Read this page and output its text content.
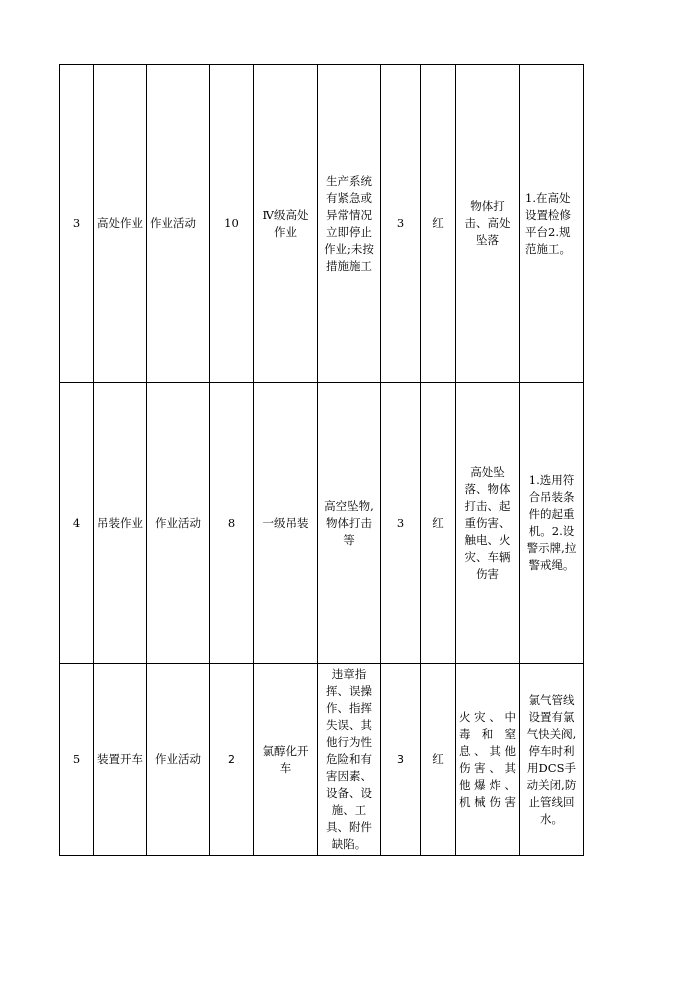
3	高处作业	作业活动	10	Ⅳ级高处作业	生产系统有紧急或异常情况立即停止作业;未按措施施工	3	红	物体打击、高处坠落	1.在高处设置检修平台2.规范施工。
4	吊装作业	作业活动	8	一级吊装	高空坠物,物体打击等	3	红	高处坠落、物体打击、起重伤害、触电、火灾、车辆伤害	1.选用符合吊装条件的起重机。2.设警示牌,拉警戒绳。
5	装置开车	作业活动	2	氯醇化开车	违章指挥、误操作、指挥失误、其他行为性危险和有害因素、设备、设施、工具、附件缺陷。	3	红	火灾、中毒和窒息、其他伤害、其他爆炸、机械伤害	氯气管线设置有氯气快关阀,停车时利用DCS手动关闭,防止管线回水。
